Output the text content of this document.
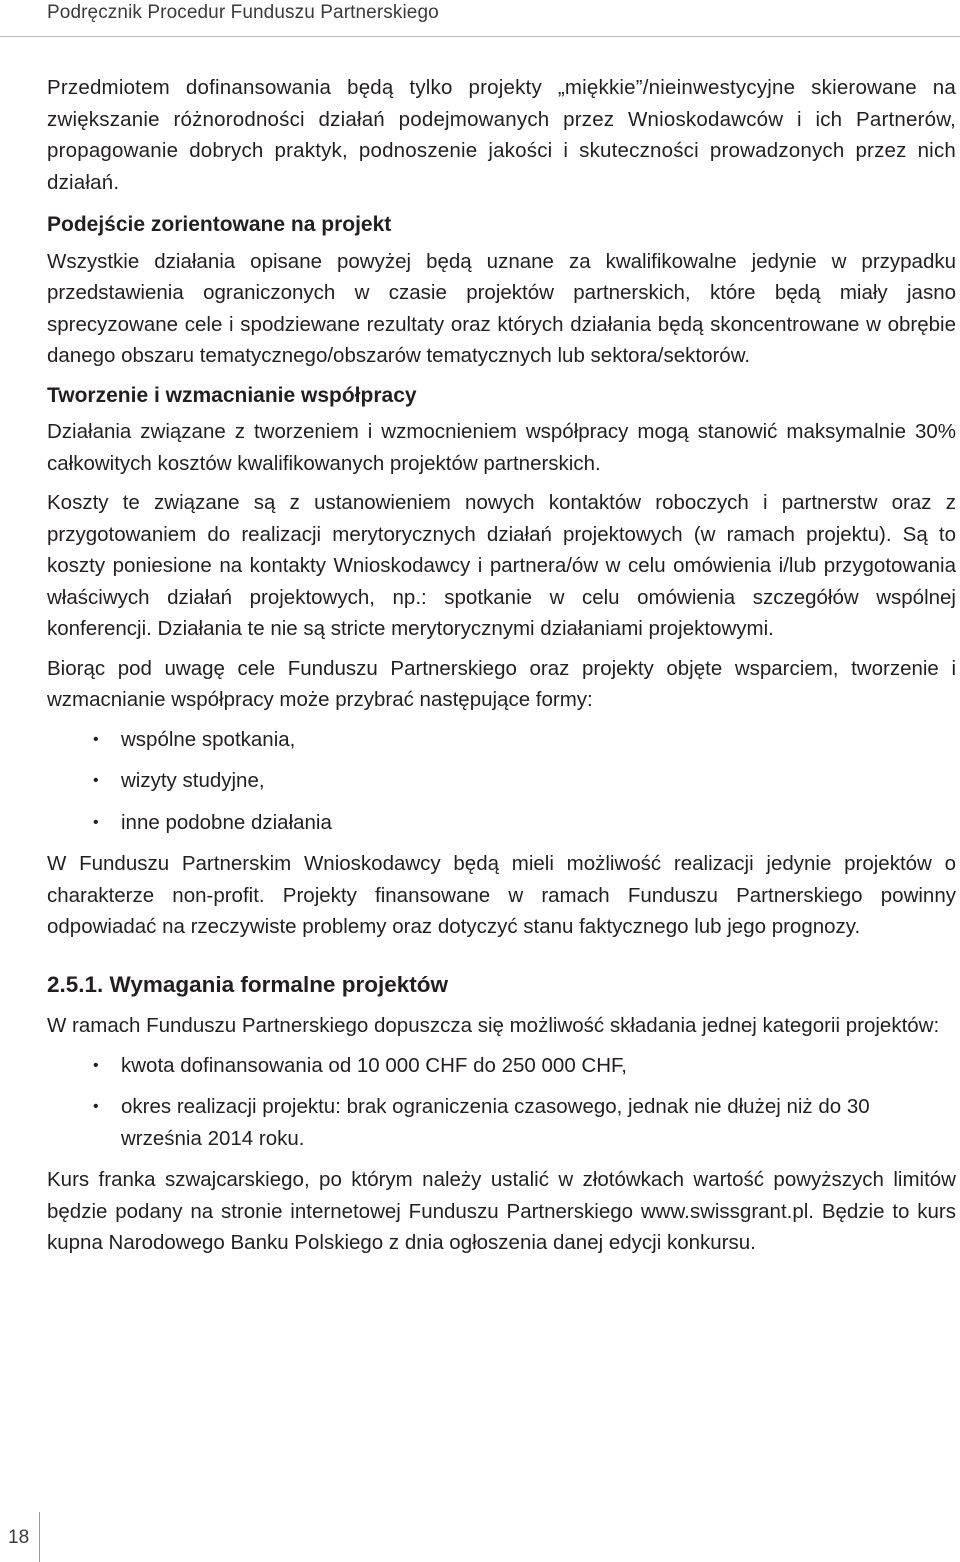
Podręcznik Procedur Funduszu Partnerskiego

Przedmiotem dofinansowania będą tylko projekty „miękkie”/nieinwestycyjne skierowane na zwiększanie różnorodności działań podejmowanych przez Wnioskodawców i ich Partnerów, propagowanie dobrych praktyk, podnoszenie jakości i skuteczności prowadzonych przez nich działań.

Podejście zorientowane na projekt

Wszystkie działania opisane powyżej będą uznane za kwalifikowalne jedynie w przypadku przedstawienia ograniczonych w czasie projektów partnerskich, które będą miały jasno sprecyzowane cele i spodziewane rezultaty oraz których działania będą skoncentrowane w obrębie danego obszaru tematycznego/obszarów tematycznych lub sektora/sektorów.

Tworzenie i wzmacnianie współpracy

Działania związane z tworzeniem i wzmocnieniem współpracy mogą stanowić maksymalnie 30% całkowitych kosztów kwalifikowanych projektów partnerskich.

Koszty te związane są z ustanowieniem nowych kontaktów roboczych i partnerstw oraz z przygotowaniem do realizacji merytorycznych działań projektowych (w ramach projektu). Są to koszty poniesione na kontakty Wnioskodawcy i partnera/ów w celu omówienia i/lub przygotowania właściwych działań projektowych, np.: spotkanie w celu omówienia szczegółów wspólnej konferencji. Działania te nie są stricte merytorycznymi działaniami projektowymi.

Biorąc pod uwagę cele Funduszu Partnerskiego oraz projekty objęte wsparciem, tworzenie i wzmacnianie współpracy może przybrać następujące formy:

• wspólne spotkania,
• wizyty studyjne,
• inne podobne działania

W Funduszu Partnerskim Wnioskodawcy będą mieli możliwość realizacji jedynie projektów o charakterze non-profit. Projekty finansowane w ramach Funduszu Partnerskiego powinny odpowiadać na rzeczywiste problemy oraz dotyczyć stanu faktycznego lub jego prognozy.

2.5.1. Wymagania formalne projektów

W ramach Funduszu Partnerskiego dopuszcza się możliwość składania jednej kategorii projektów:

• kwota dofinansowania od 10 000 CHF do 250 000 CHF,
• okres realizacji projektu: brak ograniczenia czasowego, jednak nie dłużej niż do 30 września 2014 roku.

Kurs franka szwajcarskiego, po którym należy ustalić w złotówkach wartość powyższych limitów będzie podany na stronie internetowej Funduszu Partnerskiego www.swissgrant.pl. Będzie to kurs kupna Narodowego Banku Polskiego z dnia ogłoszenia danej edycji konkursu.

18
